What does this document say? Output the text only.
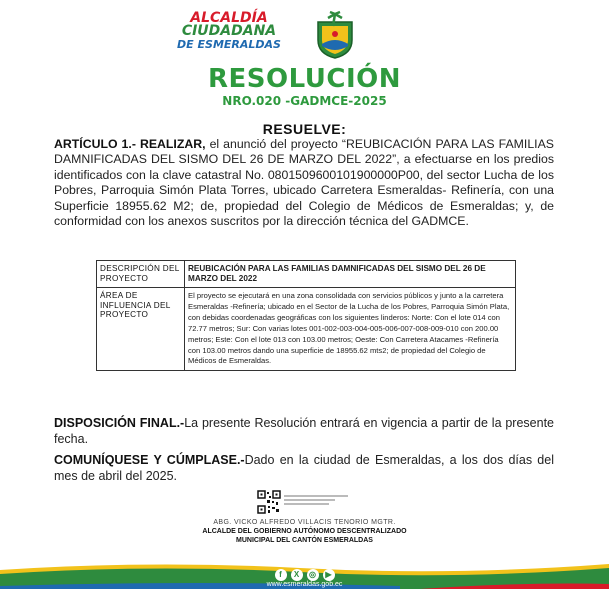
ALCALDÍA
CIUDADANA
DE ESMERALDAS
RESOLUCIÓN
NRO.020 -GADMCE-2025
RESUELVE:
ARTÍCULO 1.- REALIZAR, el anunció del proyecto “REUBICACIÓN PARA LAS FAMILIAS DAMNIFICADAS DEL SISMO DEL 26 DE MARZO DEL 2022”, a efectuarse en los predios identificados con la clave catastral No. 0801509600101900000P00, del sector Lucha de los Pobres, Parroquia Simón Plata Torres, ubicado Carretera Esmeraldas- Refinería, con una Superficie 18955.62 M2; de, propiedad del Colegio de Médicos de Esmeraldas; y, de conformidad con los anexos suscritos por la dirección técnica del GADMCE.
DESCRIPCIÓN DEL PROYECTO	REUBICACIÓN PARA LAS FAMILIAS DAMNIFICADAS DEL SISMO DEL 26 DE MARZO DEL 2022
ÁREA DE INFLUENCIA DEL PROYECTO	El proyecto se ejecutará en una zona consolidada con servicios públicos y junto a la carretera Esmeraldas -Refinería; ubicado en el Sector de la Lucha de los Pobres, Parroquia Simón Plata, con debidas coordenadas geográficas con los siguientes linderos: Norte: Con el lote 014 con 72.77 metros; Sur: Con varias lotes 001-002-003-004-005-006-007-008-009-010 con 200.00 metros; Este: Con el lote 013 con 103.00 metros; Oeste: Con Carretera Atacames -Refinería con 103.00 metros dando una superficie de 18955.62 mts2; de propiedad del Colegio de Médicos de Esmeraldas.
DISPOSICIÓN FINAL.-La presente Resolución entrará en vigencia a partir de la presente fecha.
COMUNÍQUESE Y CÚMPLASE.-Dado en la ciudad de Esmeraldas, a los dos días del mes de abril del 2025.
ABG. VICKO ALFREDO VILLACIS TENORIO MGTR.
ALCALDE DEL GOBIERNO AUTÓNOMO DESCENTRALIZADO
MUNICIPAL DEL CANTÓN ESMERALDAS
f X ◎ ▶
www.esmeraldas.gob.ec
